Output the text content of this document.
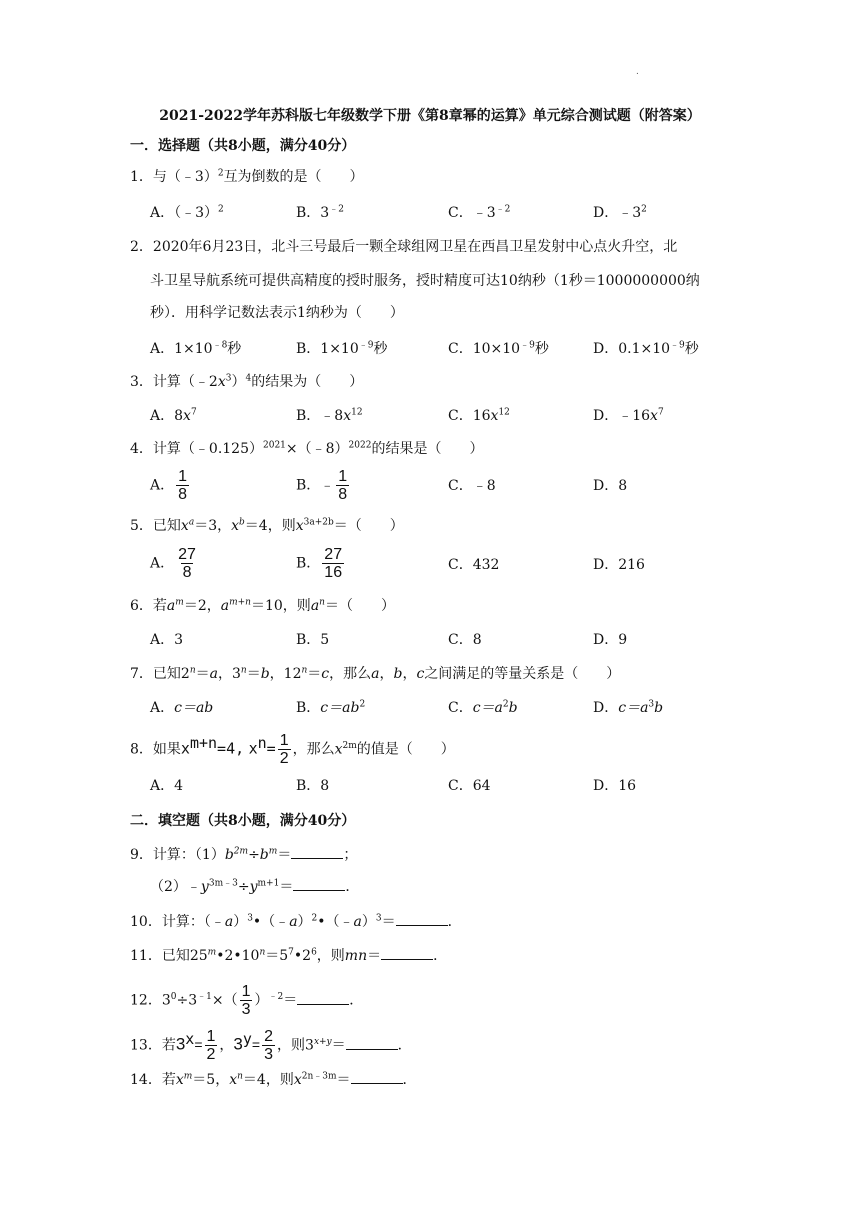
.
2021-2022学年苏科版七年级数学下册《第8章幂的运算》单元综合测试题（附答案）
一．选择题（共8小题，满分40分）
1．与（﹣3）$^2$互为倒数的是（　　）
A．（﹣3）$^2$	B．$3^{﹣2}$	C．$﹣3^{﹣2}$	D．$﹣3^2$
2．2020年6月23日，北斗三号最后一颗全球组网卫星在西昌卫星发射中心点火升空，北
斗卫星导航系统可提供高精度的授时服务，授时精度可达10纳秒（1秒＝1000000000纳
秒）．用科学记数法表示1纳秒为（　　）
A．$1\times 10^{﹣8}$秒	B．$1\times 10^{﹣9}$秒	C．$10\times 10^{﹣9}$秒	D．$0.1\times 10^{﹣9}$秒
3．计算$(﹣2x^3)^4$的结果为（　　）
A．$8x^7$	B．$﹣8x^{12}$	C．$16x^{12}$	D．$﹣16x^7$
4．计算（﹣0.125）$^{2021}$×（﹣8）$^{2022}$的结果是（　　）
A． $\frac{1}{8}$	B．﹣ $\frac{1}{8}$	C．﹣8	D．8
5．已知$x^a=3$，$x^b=4$，则$x^{3a+2b}=$（　　）
A． $\frac{27}{8}$	B． $\frac{27}{16}$	C．432	D．216
6．若$a^m=2$，$a^{m+n}=10$，则$a^n=$（　　）
A．3	B．5	C．8	D．9
7．已知$2^n=a$，$3^n=b$，$12^n=c$，那么a，b，c之间满足的等量关系是（　　）
A．c＝ab	B．$c=ab^2$	C．$c=a^2b$	D．$c=a^3b$
8．如果$x^{m+n}=4$, $x^n= \frac{1}{2}$ ，那么$x^{2m}$的值是（　　）
A．4	B．8	C．64	D．16
二．填空题（共8小题，满分40分）
9．计算：$(1)b^{2m}\div b^m=$	；
$(2)﹣y^{3m﹣3}\div y^{m+1}=$	．
10．计算：（﹣a）$^3$•（﹣a）$^2$•（﹣a）$^3$＝	．
11．已知$25^m•2•10^n=5^7•2^6$，则mn＝	．
12．$3^0\div 3^{﹣1}\times( \frac{1}{3} )^{﹣2}=$	．
13．若$3^x= \frac{1}{2}$ ，$3^y= \frac{2}{3}$ ，则$3^{x+y}=$	．
14．若$x^m=5$，$x^n=4$，则$x^{2n﹣3m}=$	．
